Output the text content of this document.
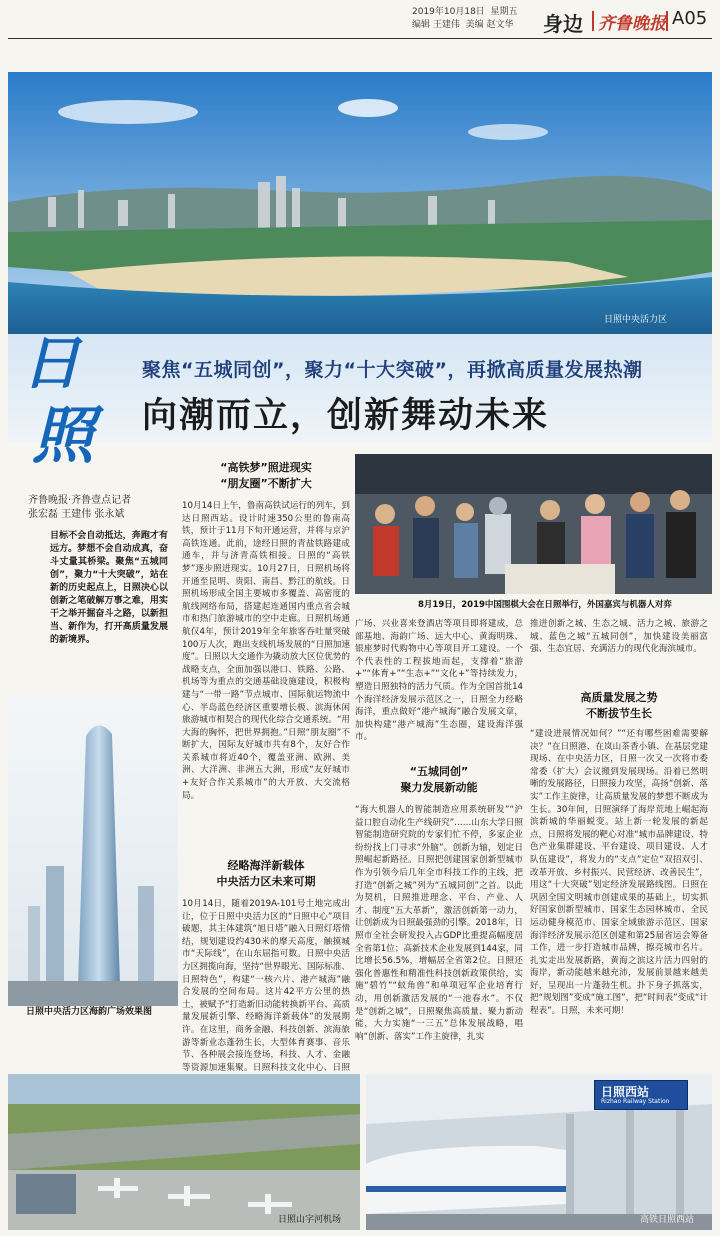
2019年10月18日  星期五
编辑 王建伟  美编 赵文华 身边 齐鲁晚报 A05
日照中央活力区
日
照
聚焦“五城同创”，聚力“十大突破”，再掀高质量发展热潮
向潮而立，创新舞动未来
齐鲁晚报·齐鲁壹点记者
张宏磊 王建伟 张永斌
目标不会自动抵达，奔跑才有远方。梦想不会自动成真，奋斗丈量其桥梁。聚焦“五城同创”，聚力“十大突破”，站在新的历史起点上，日照决心以创新之笔破解万事之难，用实干之举开掘奋斗之路，以新担当、新作为，打开高质量发展的新境界。
日照中央活力区海韵广场效果图
“高铁梦”照进现实
“朋友圈”不断扩大
10月14日上午，鲁南高铁试运行的列车，到达日照西站。设计时速350公里的鲁南高铁，预计于11月下旬开通运营，并将与京沪高铁连通。此前，途经日照的青盐铁路建成通车，并与济青高铁相接。日照的“高铁梦”逐步照进现实。10月27日，日照机场将开通至昆明、贵阳、南昌、黔江的航线。日照机场形成全国主要城市多覆盖、高密度的航线网络布局，搭建起连通国内重点省会城市和热门旅游城市的空中走廊。日照机场通航仅4年，预计2019年全年旅客吞吐量突破100万人次，跑出支线机场发展的“日照加速度”。日照以大交通作为撬动放大区位优势的战略支点，全面加强以港口、铁路、公路、机场等为重点的交通基础设施建设，积极构建与“一带一路”节点城市、国际航运物流中心、半岛蓝色经济区重要增长极、滨海休闲旅游城市相契合的现代化综合交通系统。“用大海的胸怀，把世界拥抱。”日照“朋友圈”不断扩大，国际友好城市共有8个，友好合作关系城市将近40个，覆盖亚洲、欧洲、美洲、大洋洲、非洲五大洲，形成“友好城市+友好合作关系城市”的大开放、大交流格局。
经略海洋新载体
中央活力区未来可期
10月14日，随着2019A-101号土地完成出让，位于日照中央活力区的“日照中心”项目破题，其主体建筑“旭日塔”融入日照灯塔情结，规划建设约430米的摩天高度，触摸城市“天际线”，在山东屈指可数。日照中央活力区拥揽向海，坚持“世界眼光、国际标准、日照特色”，构建“一核六片、港产城海”融合发展的空间布局。这片42平方公里的热土，被赋予“打造新旧动能转换新平台、高质量发展新引擎、经略海洋新载体”的发展期许。在这里，商务金融、科技创新、滨海旅游等新业态蓬勃生长，大型体育赛事、音乐节、各种展会接连登场，科技、人才、金融等资源加速集聚。日照科技文化中心、日照
8月19日，2019中国围棋大会在日照举行，外国嘉宾与机器人对弈
广场、兴业喜来登酒店等项目即将建成，总部基地、海韵广场、远大中心、黄海明珠、银座梦时代购物中心等项目开工建设。一个个代表性的工程拔地而起，支撑着“旅游+”“体育+”“生态+”“文化+”等持续发力，塑造日照独特的活力气质。作为全国首批14个海洋经济发展示范区之一，日照全力经略海洋，重点做好“港产城海”融合发展文章，加快构建“港产城海”生态圈，建设海洋强市。
“五城同创”
聚力发展新动能
“海大机器人的智能制造应用系统研发”“沪益口腔自动化生产线研究”……山东大学日照智能制造研究院的专家们忙不停，多家企业纷纷找上门寻求“外脑”。创新为轴，划定日照崛起新路径。日照把创建国家创新型城市作为引领今后几年全市科技工作的主线，把打造“创新之城”列为“五城同创”之首。以此为契机，日照推进理念、平台、产业、人才、制度“五大革新”，激活创新第一动力，让创新成为日照最强劲的引擎。2018年，日照市全社会研发投入占GDP比重提高幅度居全省第1位；高新技术企业发展到144家，同比增长56.5%，增幅居全省第2位。日照还强化普惠性和精准性科技创新政策供给，实施“碧竹”“蚁角兽”和单项冠军企业培育行动，用创新激活发展的“一池春水”。不仅是“创新之城”，日照聚焦高质量、聚力新动能，大力实施“一三五”总体发展战略，唱响“创新、落实”工作主旋律，扎实
推进创新之城、生态之城、活力之城、旅游之城、蓝色之城“五城同创”，加快建设美丽富强、生态宜居、充满活力的现代化海滨城市。
高质量发展之势
不断拔节生长
“建设进展情况如何？”“还有哪些困难需要解决？”在日照港、在岚山茶香小镇、在基层党建现场、在中央活力区，日照一次又一次将市委常委（扩大）会议搬到发展现场。沿着已然明晰的发展路径，日照接力攻坚，高扬“创新、落实”工作主旋律，让高质量发展的梦想不断成为生长。30年间，日照演绎了海岸荒地上崛起海滨新城的华丽蜕变。站上新一轮发展的新起点，日照将发展的靶心对准“城市品牌建设、特色产业集群建设、平台建设、项目建设、人才队伍建设”，将发力的“支点”定位“双招双引、改革开放、乡村振兴、民营经济、改善民生”，用这“十大突破”划定经济发展路线图。日照在巩固全国文明城市创建成果的基础上，切实抓好国家创新型城市、国家生态园林城市、全民运动健身模范市、国家全域旅游示范区、国家海洋经济发展示范区创建和第25届省运会筹备工作，进一步打造城市品牌，擦亮城市名片。扎实走出发展新路，黄海之滨这片活力四射的海岸，新动能越来越充沛，发展前景越来越美好，呈现出一片蓬勃生机。扑下身子抓落实，把“规划图”变成“施工图”，把“时间表”变成“计程表”。日照，未来可期！
日照山字河机场
日照西站
Rizhao Railway Station
高铁日照西站
